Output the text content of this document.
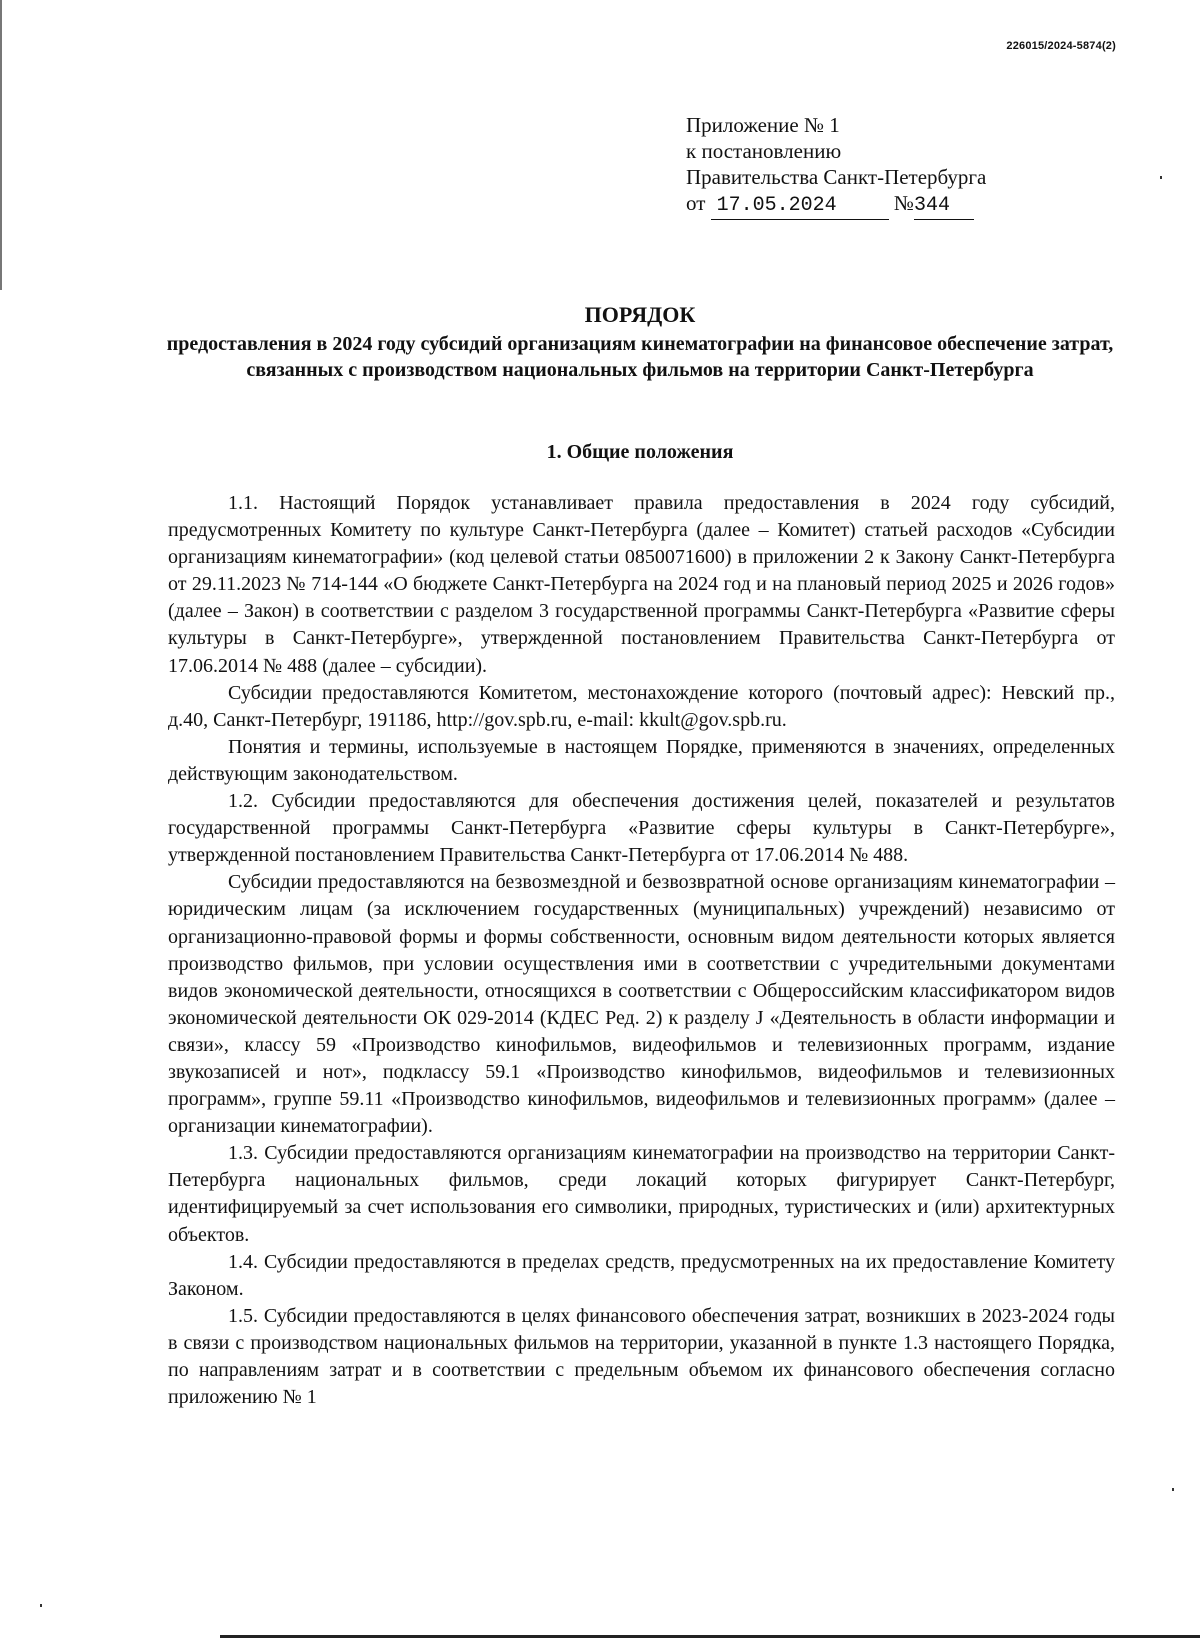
226015/2024-5874(2)
Приложение № 1
к постановлению
Правительства Санкт-Петербурга
от 17.05.2024	№344
ПОРЯДОК
предоставления в 2024 году субсидий организациям кинематографии на финансовое обеспечение затрат, связанных с производством национальных фильмов на территории Санкт-Петербурга
1. Общие положения

1.1. Настоящий Порядок устанавливает правила предоставления в 2024 году субсидий, предусмотренных Комитету по культуре Санкт-Петербурга (далее – Комитет) статьей расходов «Субсидии организациям кинематографии» (код целевой статьи 0850071600) в приложении 2 к Закону Санкт-Петербурга от 29.11.2023 № 714-144 «О бюджете Санкт-Петербурга на 2024 год и на плановый период 2025 и 2026 годов» (далее – Закон) в соответствии с разделом 3 государственной программы Санкт-Петербурга «Развитие сферы культуры в Санкт-Петербурге», утвержденной постановлением Правительства Санкт-Петербурга от 17.06.2014 № 488 (далее – субсидии).

Субсидии предоставляются Комитетом, местонахождение которого (почтовый адрес): Невский пр., д.40, Санкт-Петербург, 191186, http://gov.spb.ru, e-mail: kkult@gov.spb.ru.

Понятия и термины, используемые в настоящем Порядке, применяются в значениях, определенных действующим законодательством.

1.2. Субсидии предоставляются для обеспечения достижения целей, показателей и результатов государственной программы Санкт-Петербурга «Развитие сферы культуры в Санкт-Петербурге», утвержденной постановлением Правительства Санкт-Петербурга от 17.06.2014 № 488.

Субсидии предоставляются на безвозмездной и безвозвратной основе организациям кинематографии – юридическим лицам (за исключением государственных (муниципальных) учреждений) независимо от организационно-правовой формы и формы собственности, основным видом деятельности которых является производство фильмов, при условии осуществления ими в соответствии с учредительными документами видов экономической деятельности, относящихся в соответствии с Общероссийским классификатором видов экономической деятельности ОК 029-2014 (КДЕС Ред. 2) к разделу J «Деятельность в области информации и связи», классу 59 «Производство кинофильмов, видеофильмов и телевизионных программ, издание звукозаписей и нот», подклассу 59.1 «Производство кинофильмов, видеофильмов и телевизионных программ», группе 59.11 «Производство кинофильмов, видеофильмов и телевизионных программ» (далее – организации кинематографии).

1.3. Субсидии предоставляются организациям кинематографии на производство на территории Санкт-Петербурга национальных фильмов, среди локаций которых фигурирует Санкт-Петербург, идентифицируемый за счет использования его символики, природных, туристических и (или) архитектурных объектов.

1.4. Субсидии предоставляются в пределах средств, предусмотренных на их предоставление Комитету Законом.

1.5. Субсидии предоставляются в целях финансового обеспечения затрат, возникших в 2023-2024 годы в связи с производством национальных фильмов на территории, указанной в пункте 1.3 настоящего Порядка, по направлениям затрат и в соответствии с предельным объемом их финансового обеспечения согласно приложению № 1
